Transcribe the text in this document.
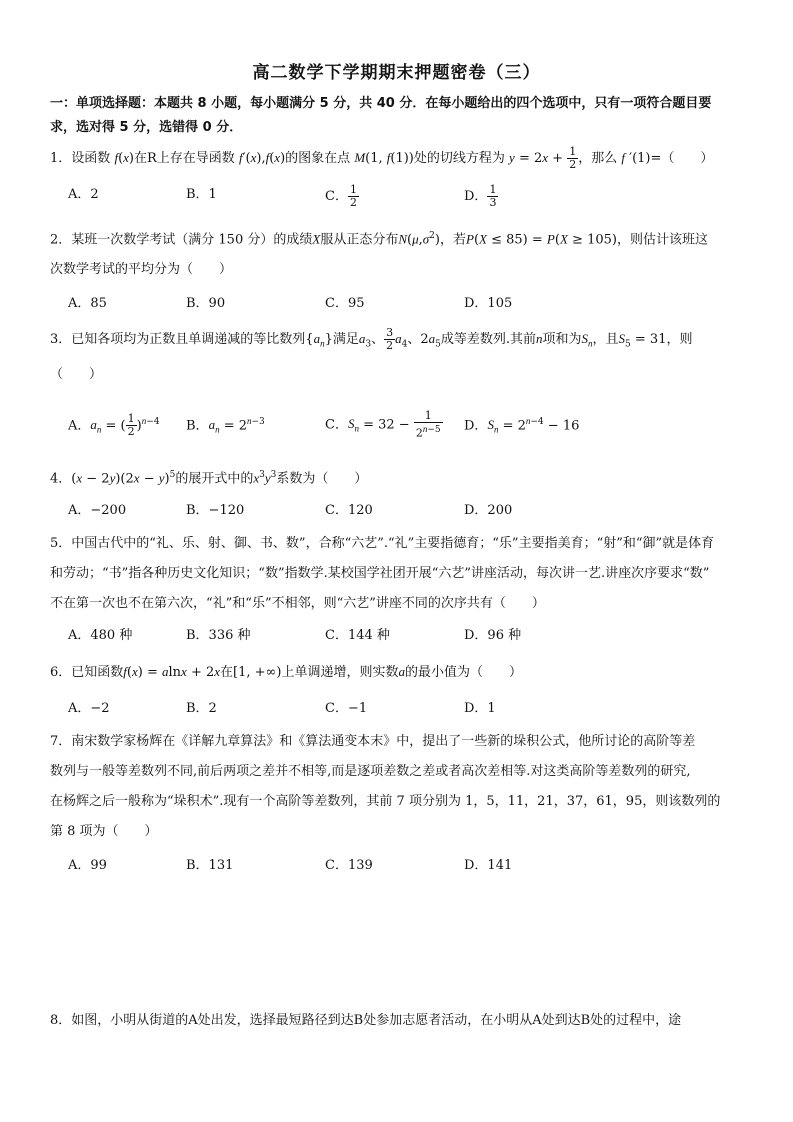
高二数学下学期期末押题密卷（三）
一：单项选择题：本题共 8 小题，每小题满分 5 分，共 40 分．在每小题给出的四个选项中，只有一项符合题目要
求，选对得 5 分，选错得 0 分．
1．设函数 f(x)在R上存在导函数 f′(x),f(x)的图象在点 M(1, f(1))处的切线方程为 $y = 2x + \frac{1}{2}$ ，那么 f ′(1)=（　　）
A．2	B．1	C． $\frac{1}{2}$	D． $\frac{1}{3}$
2．某班一次数学考试（满分 150 分）的成绩X服从正态分布$N(\mu,\sigma^2)$，若P(X ≤ 85) = P(X ≥ 105)，则估计该班这
次数学考试的平均分为（　　）
A．85	B．90	C．95	D．105
3．已知各项均为正数且单调递减的等比数列$\{a_n\}$满足$a_3$、 $\frac{3}{2} a_4$、$2a_5$成等差数列.其前n项和为$S_n$，且$S_5 = 31$，则
（　　）
A．$a_n$ = ( $\frac{1}{2} )^{n-4}$ B．$a_n = 2^{n-3}$	C．$S_n = 32 - \frac{1}{2^{n-5}}$ D．$S_n = 2^{n-4} - 16$
4．$(x - 2y)(2x - y)^5$的展开式中的$x^3y^3$系数为（　　）
A．−200	B．−120	C．120	D．200
5．中国古代中的“礼、乐、射、御、书、数”，合称“六艺”.“礼”主要指德育；“乐”主要指美育；“射”和“御”就是体育
和劳动；“书”指各种历史文化知识；“数”指数学.某校国学社团开展“六艺”讲座活动，每次讲一艺.讲座次序要求“数”
不在第一次也不在第六次，“礼”和“乐”不相邻，则“六艺”讲座不同的次序共有（　　）
A．480 种	B．336 种	C．144 种	D．96 种
6．已知函数f(x) = alnx + 2x在[1, +∞)上单调递增，则实数a的最小值为（　　）
A．−2	B．2	C．−1	D．1
7．南宋数学家杨辉在《详解九章算法》和《算法通变本末》中，提出了一些新的垛积公式，他所讨论的高阶等差
数列与一般等差数列不同,前后两项之差并不相等,而是逐项差数之差或者高次差相等.对这类高阶等差数列的研究,
在杨辉之后一般称为“垛积术”.现有一个高阶等差数列，其前 7 项分别为 1，5，11，21，37，61，95，则该数列的
第 8 项为（　　）
A．99	B．131	C．139	D．141
8．如图，小明从街道的A处出发，选择最短路径到达B处参加志愿者活动，在小明从A处到达B处的过程中，途
